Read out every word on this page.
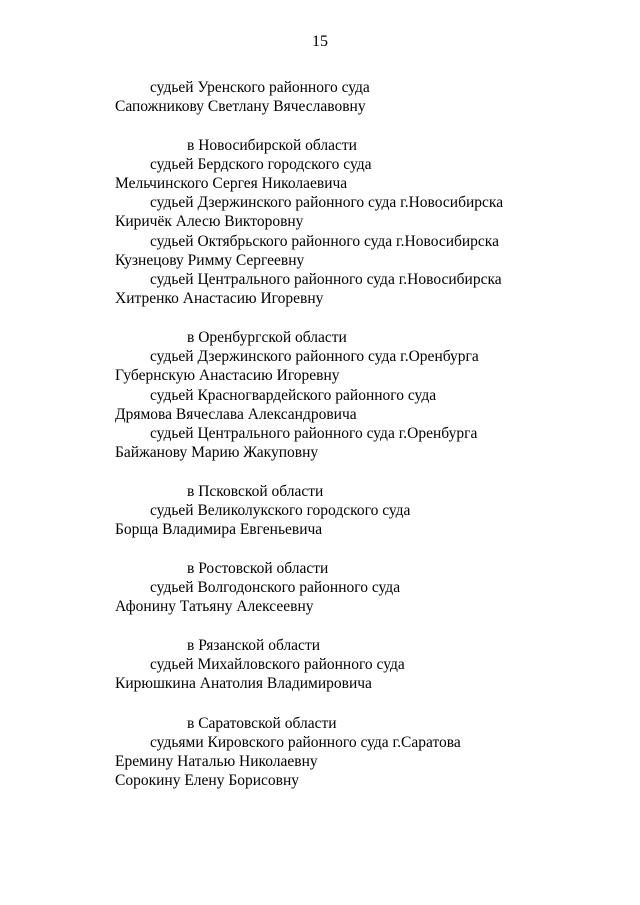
15
судьей Уренского районного суда
Сапожникову Светлану Вячеславовну
в Новосибирской области
судьей Бердского городского суда
Мельчинского Сергея Николаевича
судьей Дзержинского районного суда г.Новосибирска
Киричёк Алесю Викторовну
судьей Октябрьского районного суда г.Новосибирска
Кузнецову Римму Сергеевну
судьей Центрального районного суда г.Новосибирска
Хитренко Анастасию Игоревну
в Оренбургской области
судьей Дзержинского районного суда г.Оренбурга
Губернскую Анастасию Игоревну
судьей Красногвардейского районного суда
Дрямова Вячеслава Александровича
судьей Центрального районного суда г.Оренбурга
Байжанову Марию Жакуповну
в Псковской области
судьей Великолукского городского суда
Борща Владимира Евгеньевича
в Ростовской области
судьей Волгодонского районного суда
Афонину Татьяну Алексеевну
в Рязанской области
судьей Михайловского районного суда
Кирюшкина Анатолия Владимировича
в Саратовской области
судьями Кировского районного суда г.Саратова
Еремину Наталью Николаевну
Сорокину Елену Борисовну
